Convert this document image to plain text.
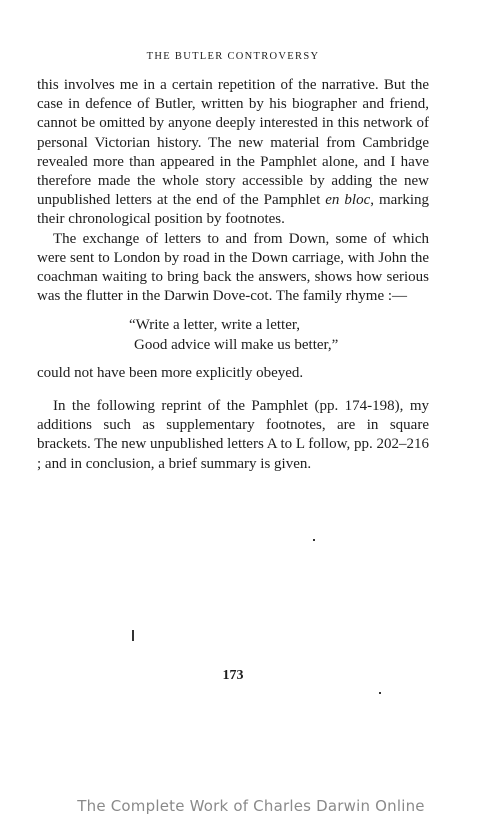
THE BUTLER CONTROVERSY

this involves me in a certain repetition of the narrative. But the case in defence of Butler, written by his biographer and friend, cannot be omitted by anyone deeply interested in this network of personal Victorian history. The new material from Cambridge revealed more than appeared in the Pamphlet alone, and I have therefore made the whole story accessible by adding the new unpublished letters at the end of the Pamphlet en bloc, marking their chronological position by footnotes.

The exchange of letters to and from Down, some of which were sent to London by road in the Down carriage, with John the coachman waiting to bring back the answers, shows how serious was the flutter in the Darwin Dove-cot. The family rhyme :—

“Write a letter, write a letter,
Good advice will make us better,”

could not have been more explicitly obeyed.

In the following reprint of the Pamphlet (pp. 174-198), my additions such as supplementary footnotes, are in square brackets. The new unpublished letters A to L follow, pp. 202–216 ; and in conclusion, a brief summary is given.

173
The Complete Work of Charles Darwin Online
